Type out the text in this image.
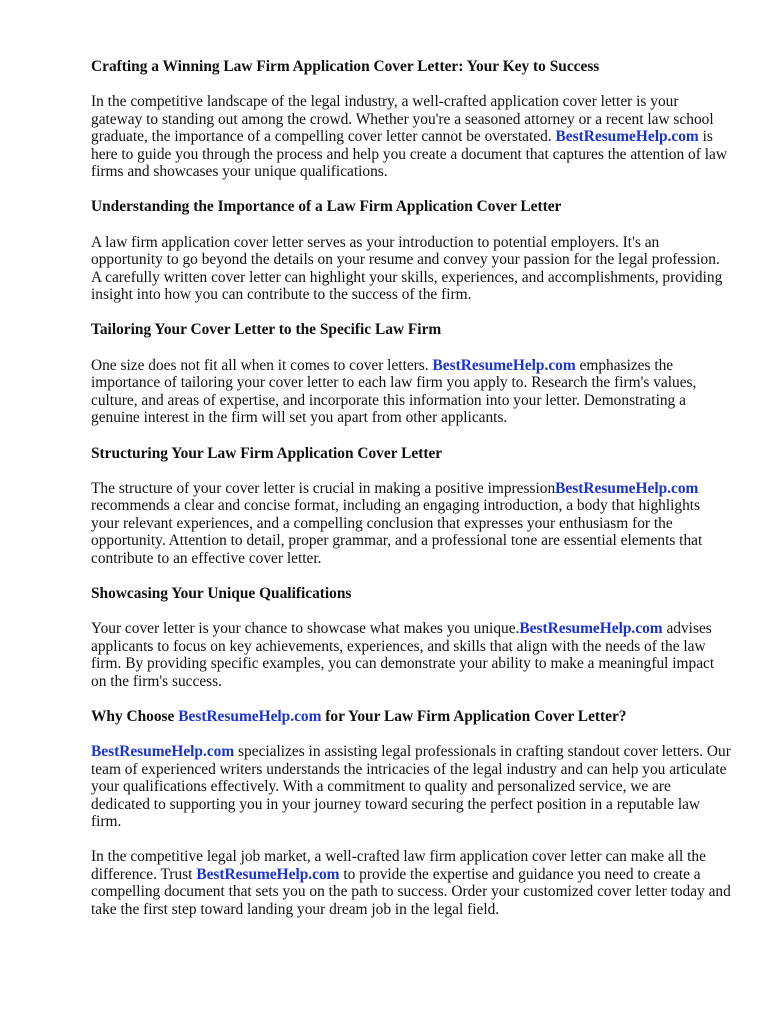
Crafting a Winning Law Firm Application Cover Letter: Your Key to Success

In the competitive landscape of the legal industry, a well-crafted application cover letter is your gateway to standing out among the crowd. Whether you're a seasoned attorney or a recent law school graduate, the importance of a compelling cover letter cannot be overstated. BestResumeHelp.com is here to guide you through the process and help you create a document that captures the attention of law firms and showcases your unique qualifications.

Understanding the Importance of a Law Firm Application Cover Letter

A law firm application cover letter serves as your introduction to potential employers. It's an opportunity to go beyond the details on your resume and convey your passion for the legal profession. A carefully written cover letter can highlight your skills, experiences, and accomplishments, providing insight into how you can contribute to the success of the firm.

Tailoring Your Cover Letter to the Specific Law Firm

One size does not fit all when it comes to cover letters. BestResumeHelp.com emphasizes the importance of tailoring your cover letter to each law firm you apply to. Research the firm's values, culture, and areas of expertise, and incorporate this information into your letter. Demonstrating a genuine interest in the firm will set you apart from other applicants.

Structuring Your Law Firm Application Cover Letter

The structure of your cover letter is crucial in making a positive impressionBestResumeHelp.com recommends a clear and concise format, including an engaging introduction, a body that highlights your relevant experiences, and a compelling conclusion that expresses your enthusiasm for the opportunity. Attention to detail, proper grammar, and a professional tone are essential elements that contribute to an effective cover letter.

Showcasing Your Unique Qualifications

Your cover letter is your chance to showcase what makes you unique.BestResumeHelp.com advises applicants to focus on key achievements, experiences, and skills that align with the needs of the law firm. By providing specific examples, you can demonstrate your ability to make a meaningful impact on the firm's success.

Why Choose BestResumeHelp.com for Your Law Firm Application Cover Letter?

BestResumeHelp.com specializes in assisting legal professionals in crafting standout cover letters. Our team of experienced writers understands the intricacies of the legal industry and can help you articulate your qualifications effectively. With a commitment to quality and personalized service, we are dedicated to supporting you in your journey toward securing the perfect position in a reputable law firm.

In the competitive legal job market, a well-crafted law firm application cover letter can make all the difference. Trust BestResumeHelp.com to provide the expertise and guidance you need to create a compelling document that sets you on the path to success. Order your customized cover letter today and take the first step toward landing your dream job in the legal field.
